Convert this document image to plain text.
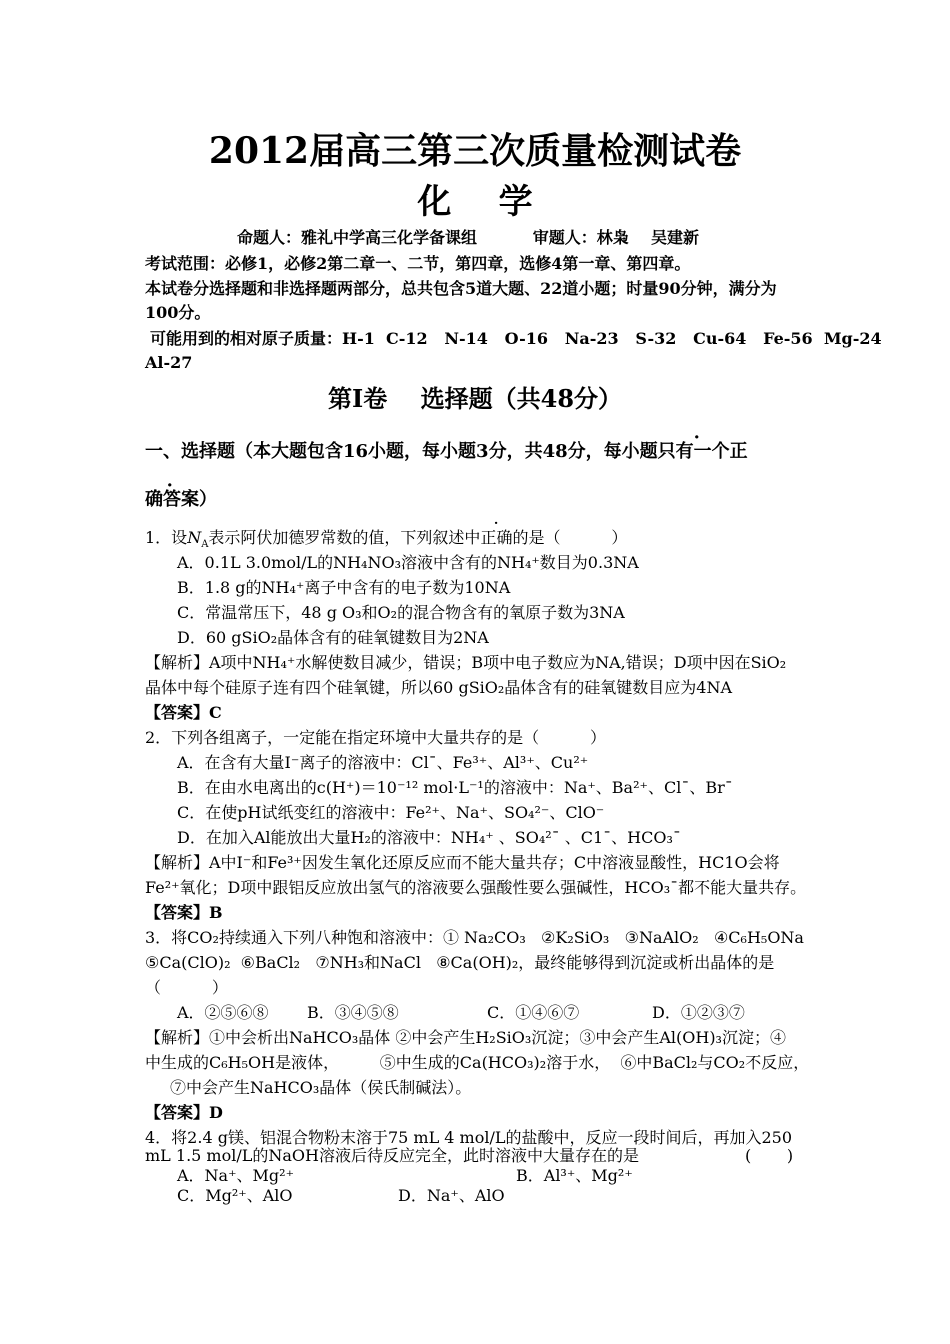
2012届高三第三次质量检测试卷
化    学
命题人：雅礼中学高三化学备课组          审题人：林枭    吴建新
考试范围：必修1，必修2第二章一、二节，第四章，选修4第一章、第四章。
本试卷分选择题和非选择题两部分，总共包含5道大题、22道小题；时量90分钟，满分为
100分。
可能用到的相对原子质量：H-1  C-12   N-14   O-16   Na-23   S-32   Cu-64   Fe-56  Mg-24
Al-27
第I卷    选择题（共48分）
一、选择题（本大题包含16小题，每小题3分，共48分，每小题· 只有一个正
确答案）
1．设$N_A$表示阿伏加德罗常数的值，下列叙述中正确的是（          ）
A．0.1L 3.0mol/L的NH₄NO₃溶液中含有的NH₄⁺数目为0.3NA
B．1.8 g的NH₄⁺离子中含有的电子数为10NA
C．常温常压下，48 g O₃和O₂的混合物含有的氧原子数为3NA
D．60 gSiO₂晶体含有的硅氧键数目为2NA
【解析】A项中NH₄⁺水解使数目减少，错误；B项中电子数应为NA,错误；D项中因在SiO₂
晶体中每个硅原子连有四个硅氧键，所以60 gSiO₂晶体含有的硅氧键数目应为4NA
【答案】C
2．下列各组离子，一定能在指定环境中大量共存的是（          ）
A．在含有大量I⁻离子的溶液中：Cl¯、Fe³⁺、Al³⁺、Cu²⁺
B．在由水电离出的c(H⁺)＝10⁻¹² mol·L⁻¹的溶液中：Na⁺、Ba²⁺、Cl¯、Br¯
C．在使pH试纸变红的溶液中：Fe²⁺、Na⁺、SO₄²⁻、ClO⁻
D．在加入Al能放出大量H₂的溶液中：NH₄⁺ 、SO₄²¯ 、C1¯、HCO₃¯
【解析】A中I⁻和Fe³⁺因发生氧化还原反应而不能大量共存；C中溶液显酸性，HC1O会将
Fe²⁺氧化；D项中跟铝反应放出氢气的溶液要么强酸性要么强碱性，HCO₃¯都不能大量共存。
【答案】B
3．将CO₂持续通入下列八种饱和溶液中：① Na₂CO₃   ②K₂SiO₃   ③NaAlO₂   ④C₆H₅ONa
⑤Ca(ClO)₂  ⑥BaCl₂   ⑦NH₃和NaCl   ⑧Ca(OH)₂，最终能够得到沉淀或析出晶体的是
（          ）
A．②⑤⑥⑧ B．③④⑤⑧	C．①④⑥⑦	D．①②③⑦
【解析】①中会析出NaHCO₃晶体 ②中会产生H₂SiO₃沉淀；③中会产生Al(OH)₃沉淀；④
中生成的C₆H₅OH是液体，        ⑤中生成的Ca(HCO₃)₂溶于水，  ⑥中BaCl₂与CO₂不反应，
⑦中会产生NaHCO₃晶体（侯氏制碱法）。
【答案】D
4．将2.4 g镁、铝混合物粉末溶于75 mL 4 mol/L的盐酸中，反应一段时间后，再加入250
mL 1.5 mol/L的NaOH溶液后待反应完全，此时溶液中大量存在的是	(       )
A．Na⁺、Mg²⁺	B．Al³⁺、Mg²⁺
C．Mg²⁺、AlO	D．Na⁺、AlO
